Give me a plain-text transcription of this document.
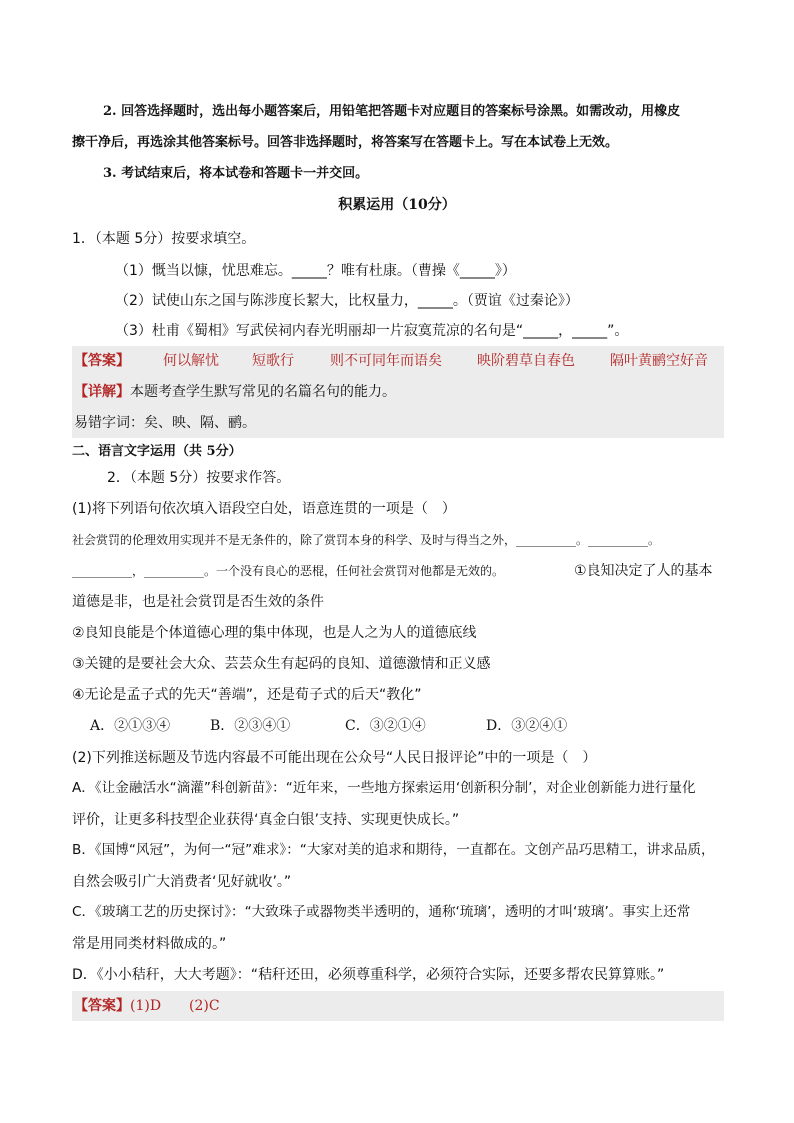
2. 回答选择题时，选出每小题答案后，用铅笔把答题卡对应题目的答案标号涂黑。如需改动，用橡皮
擦干净后，再选涂其他答案标号。回答非选择题时，将答案写在答题卡上。写在本试卷上无效。
3. 考试结束后，将本试卷和答题卡一并交回。
积累运用（10分）
1．（本题 5分）按要求填空。
（1）慨当以慷，忧思难忘。_____？唯有杜康。（曹操《_____》）
（2）试使山东之国与陈涉度长絜大，比权量力，_____。（贾谊《过秦论》）
（3）杜甫《蜀相》写武侯祠内春光明丽却一片寂寞荒凉的名句是“_____，_____”。
【答案】 何以解忧 短歌行	则不可同年而语矣	映阶碧草自春色	隔叶黄鹂空好音
【详解】本题考查学生默写常见的名篇名句的能力。
易错字词：矣、映、隔、鹂。
二、语言文字运用（共 5分）
2．（本题 5分）按要求作答。
(1)将下列语句依次填入语段空白处，语意连贯的一项是（　）
社会赏罚的伦理效用实现并不是无条件的，除了赏罚本身的科学、及时与得当之外，__________。__________。
__________，__________。一个没有良心的恶棍，任何社会赏罚对他都是无效的。	①良知决定了人的基本
道德是非，也是社会赏罚是否生效的条件
②良知良能是个体道德心理的集中体现，也是人之为人的道德底线
③关键的是要社会大众、芸芸众生有起码的良知、道德激情和正义感
④无论是孟子式的先天“善端”，还是荀子式的后天“教化”
A．②①③④	B．②③④①	C．③②①④	D．③②④①
(2)下列推送标题及节选内容最不可能出现在公众号“人民日报评论”中的一项是（　）
A．《让金融活水“滴灌”科创新苗》：“近年来，一些地方探索运用‘创新积分制’，对企业创新能力进行量化
评价，让更多科技型企业获得‘真金白银’支持、实现更快成长。”
B．《国博“风冠”，为何一“冠”难求》：“大家对美的追求和期待，一直都在。文创产品巧思精工，讲求品质，
自然会吸引广大消费者‘见好就收’。”
C．《玻璃工艺的历史探讨》：“大致珠子或器物类半透明的，通称‘琉璃’，透明的才叫‘玻璃’。事实上还常
常是用同类材料做成的。”
D．《小小秸秆，大大考题》：“秸秆还田，必须尊重科学，必须符合实际，还要多帮农民算算账。”
【答案】(1)D　　(2)C
